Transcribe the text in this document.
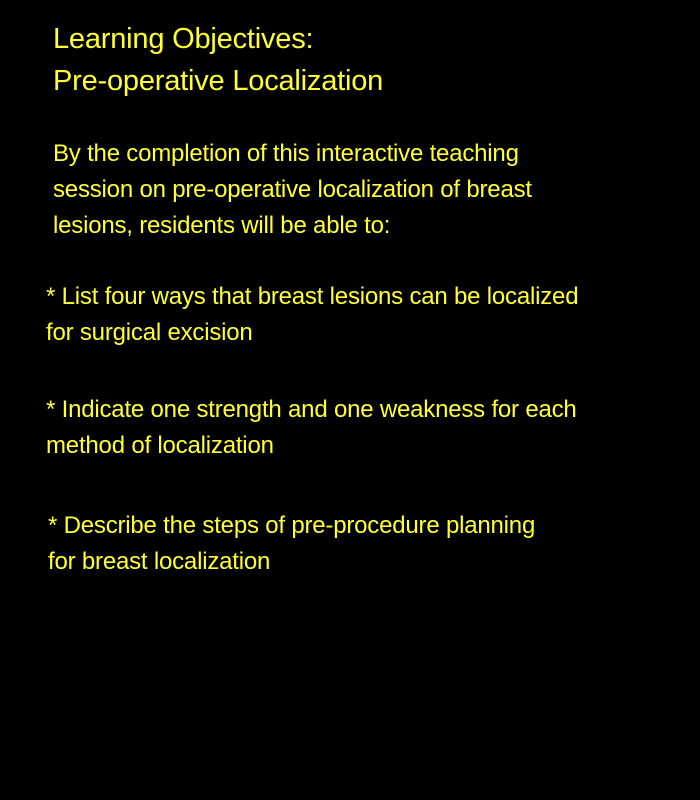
Learning Objectives:
Pre-operative Localization
By the completion of this interactive teaching
session on pre-operative localization of breast
lesions, residents will be able to:
* List four ways that breast lesions can be localized
for surgical excision
* Indicate one strength and one weakness for each
method of localization
* Describe the steps of pre-procedure planning
for breast localization
